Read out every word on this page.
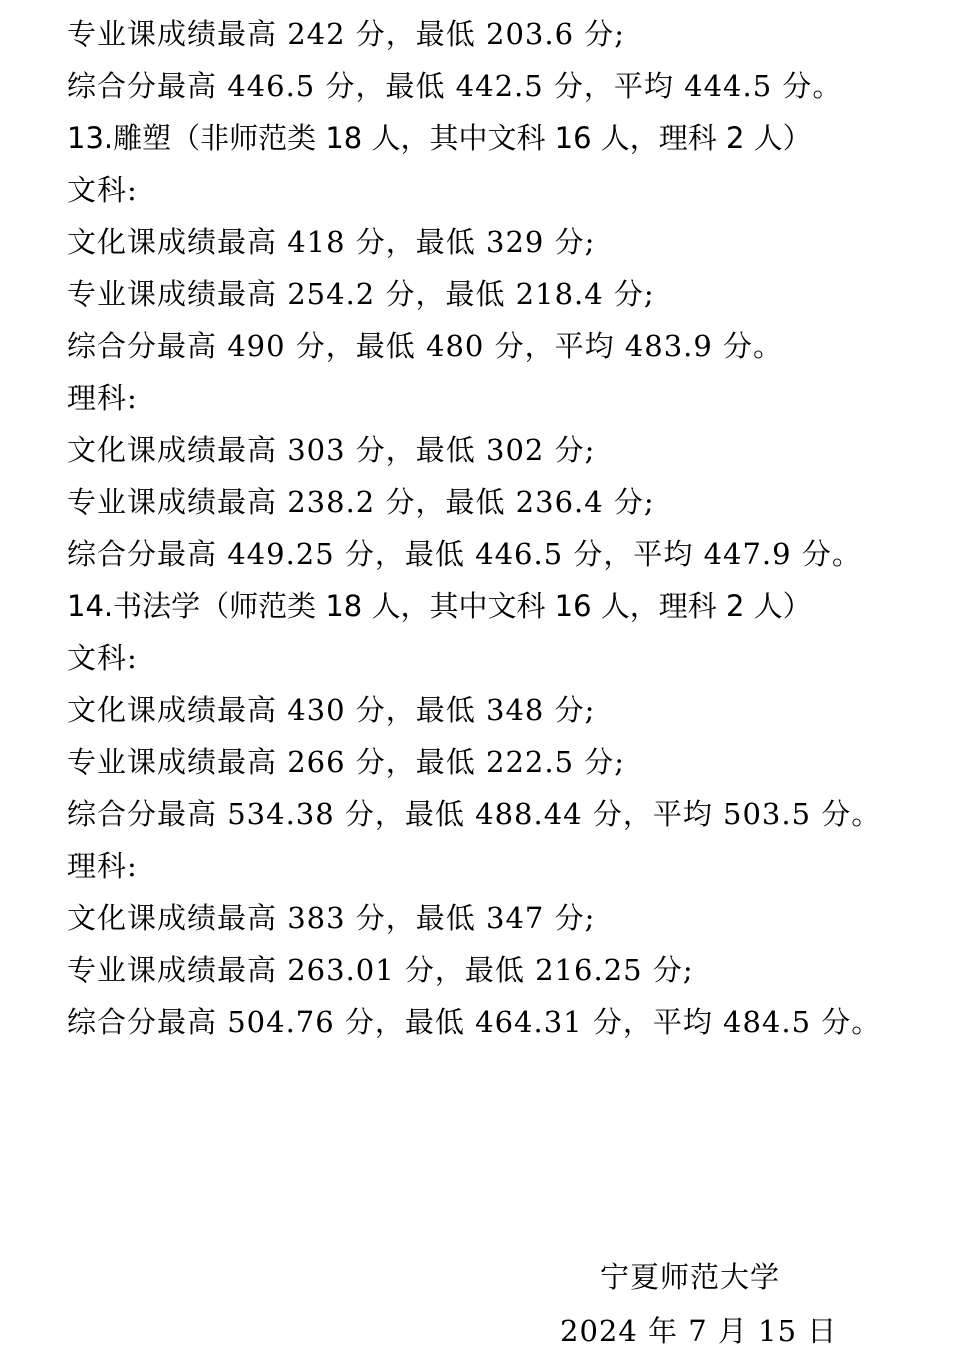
专业课成绩最高 242 分，最低 203.6 分;
综合分最高 446.5 分，最低 442.5 分，平均 444.5 分。
13.雕塑（非师范类 18 人，其中文科 16 人，理科 2 人）
文科:
文化课成绩最高 418 分，最低 329 分;
专业课成绩最高 254.2 分，最低 218.4 分;
综合分最高 490 分，最低 480 分，平均 483.9 分。
理科:
文化课成绩最高 303 分，最低 302 分;
专业课成绩最高 238.2 分，最低 236.4 分;
综合分最高 449.25 分，最低 446.5 分，平均 447.9 分。
14.书法学（师范类 18 人，其中文科 16 人，理科 2 人）
文科:
文化课成绩最高 430 分，最低 348 分;
专业课成绩最高 266 分，最低 222.5 分;
综合分最高 534.38 分，最低 488.44 分，平均 503.5 分。
理科:
文化课成绩最高 383 分，最低 347 分;
专业课成绩最高 263.01 分，最低 216.25 分;
综合分最高 504.76 分，最低 464.31 分，平均 484.5 分。
宁夏师范大学
2024 年 7 月 15 日
